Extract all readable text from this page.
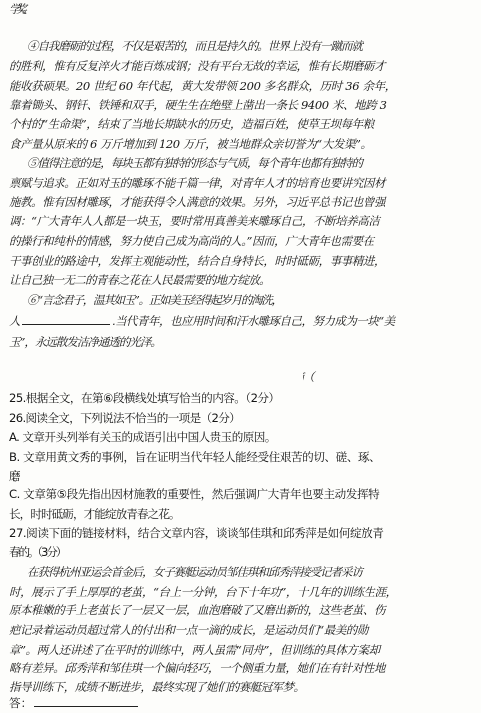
学奖。
④自我磨砺的过程，不仅是艰苦的，而且是持久的。世界上没有一蹴而就
的胜利，惟有反复淬火才能百炼成钢；没有平台无故的幸运，惟有长期磨砺才
能收获硕果。20 世纪 60 年代起，黄大发带领 200 多名群众，历时 36 余年，
靠着锄头、钢钎、铁锤和双手，硬生生在绝壁上凿出一条长 9400 米、地跨 3
个村的“生命渠”，结束了当地长期缺水的历史，造福百姓，使草王坝每年粮
食产量从原来的 6 万斤增加到 120 万斤，被当地群众亲切誉为“大发渠”。
⑤值得注意的是，每块玉都有独特的形态与气质，每个青年也都有独特的
禀赋与追求。正如对玉的雕琢不能千篇一律，对青年人才的培育也要讲究因材
施教。惟有因材雕琢，才能获得令人满意的效果。另外，习近平总书记也曾强
调：“广大青年人人都是一块玉，要时常用真善美来雕琢自己，不断培养高洁
的操行和纯朴的情感，努力使自己成为高尚的人。”因而，广大青年也需要在
干事创业的路途中，发挥主观能动性，结合自身特长，时时砥砺，事事精进，
让自己独一无二的青春之花在人民最需要的地方绽放。
⑥“言念君子，温其如玉”。正如美玉经得起岁月的淘洗，
人	.当代青年，也应用时间和汗水雕琢自己，努力成为一块“美
玉”，永远散发洁净通透的光泽。
25.根据全文，在第⑥段横线处填写恰当的内容。（2分）
26.阅读全文，下列说法不恰当的一项是（2分）
A. 文章开头列举有关玉的成语引出中国人贵玉的原因。
B. 文章用黄文秀的事例，旨在证明当代年轻人能经受住艰苦的切、磋、琢、
磨。
C. 文章第⑤段先指出因材施教的重要性，然后强调广大青年也要主动发挥特
长，时时砥砺，才能绽放青春之花。
27.阅读下面的链接材料，结合文章内容，谈谈邹佳琪和邱秀萍是如何绽放青
春的。（3分）
在获得杭州亚运会首金后，女子赛艇运动员邹佳琪和邱秀萍接受记者采访
时，展示了手上厚厚的老茧，“台上一分钟，台下十年功”，十几年的训练生涯，
原本稚嫩的手上老茧长了一层又一层，血泡磨破了又磨出新的，这些老茧、伤
疤记录着运动员超过常人的付出和一点一滴的成长，是运动员们“最美的勋
章”。两人还讲述了在平时的训练中，两人虽需“同舟”，但训练的具体方案却
略有差异。邱秀萍和邹佳琪一个偏向轻巧，一个侧重力量，她们在有针对性地
指导训练下，成绩不断进步，最终实现了她们的赛艇冠军梦。
答：
